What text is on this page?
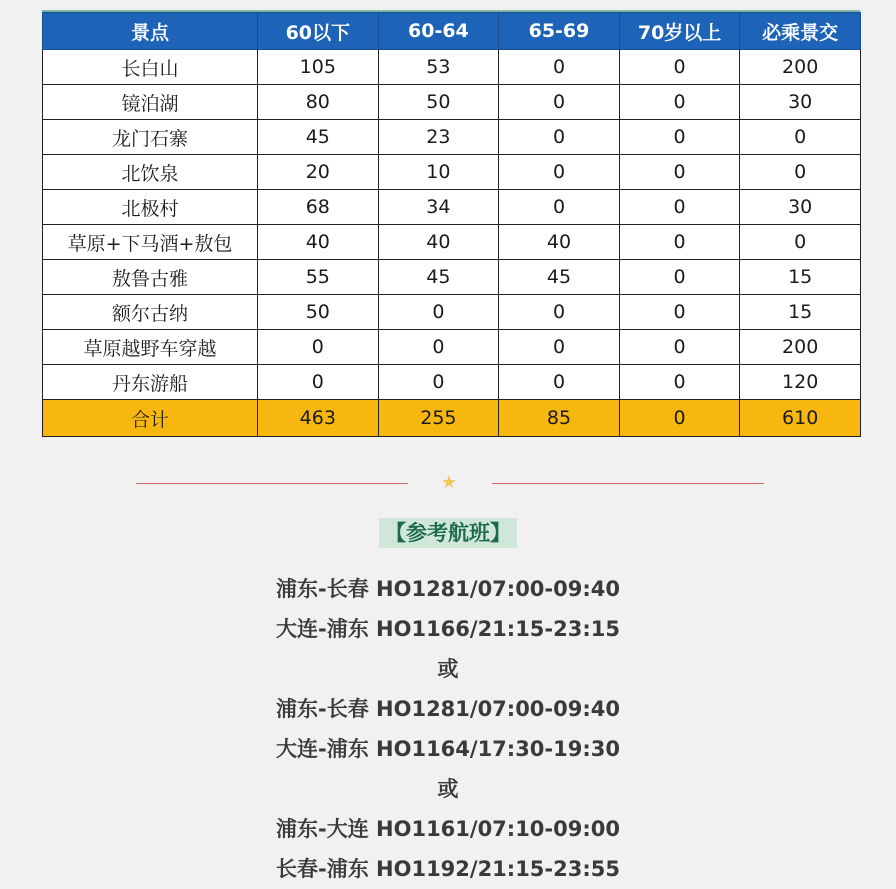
景点	60以下	60-64	65-69	70岁以上	必乘景交
长白山	105	53	0	0	200
镜泊湖	80	50	0	0	30
龙门石寨	45	23	0	0	0
北饮泉	20	10	0	0	0
北极村	68	34	0	0	30
草原+下马酒+敖包	40	40	40	0	0
敖鲁古雅	55	45	45	0	15
额尔古纳	50	0	0	0	15
草原越野车穿越	0	0	0	0	200
丹东游船	0	0	0	0	120
合计	463	255	85	0	610
★
【参考航班】
浦东-长春 HO1281/07:00-09:40
大连-浦东 HO1166/21:15-23:15
或
浦东-长春 HO1281/07:00-09:40
大连-浦东 HO1164/17:30-19:30
或
浦东-大连 HO1161/07:10-09:00
长春-浦东 HO1192/21:15-23:55
